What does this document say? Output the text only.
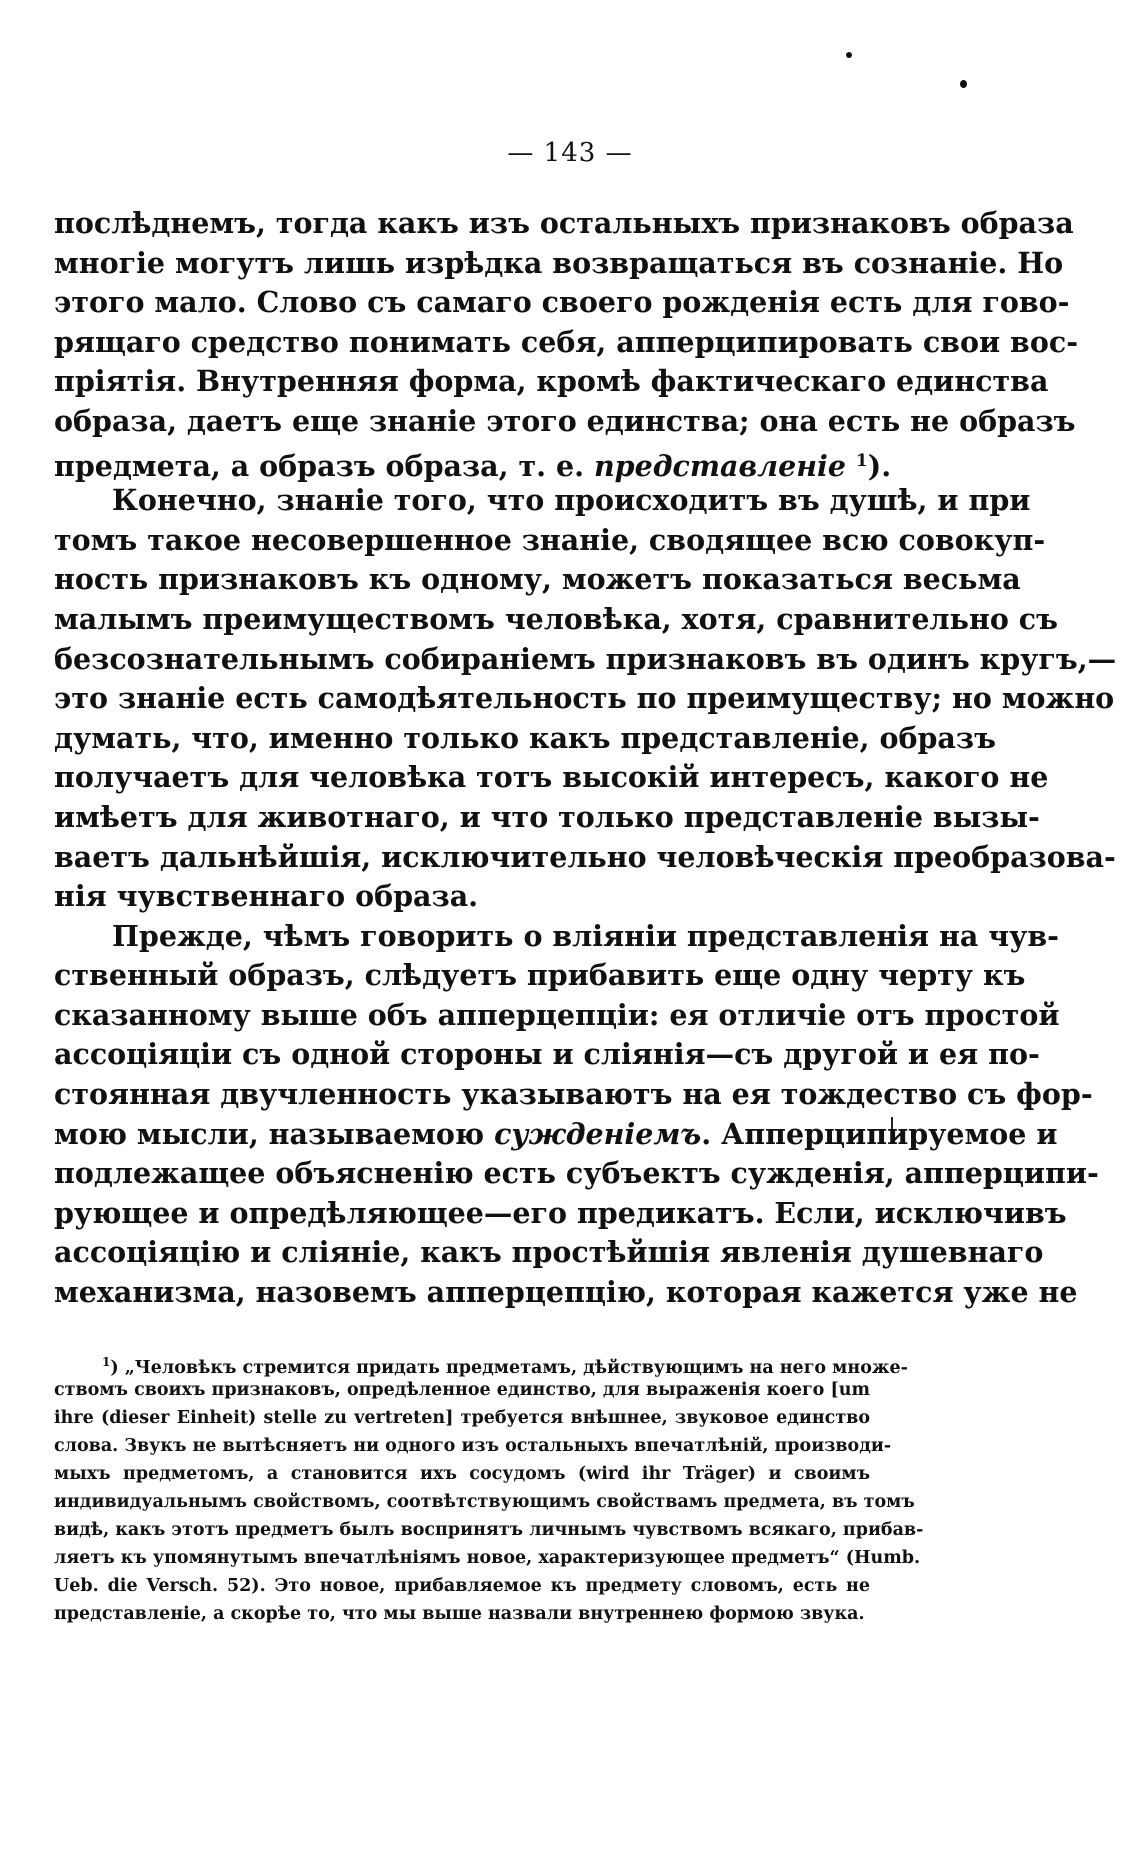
— 143 —
послѣднемъ, тогда какъ изъ остальныхъ признаковъ образа
многіе могутъ лишь изрѣдка возвращаться въ сознаніе. Но
этого мало. Слово съ самаго своего рожденія есть для гово-
рящаго средство понимать себя, апперципировать свои вос-
пріятія. Внутренняя форма, кромѣ фактическаго единства
образа, даетъ еще знаніе этого единства; она есть не образъ
предмета, а образъ образа, т. е. представленіе $^1$).
Конечно, знаніе того, что происходитъ въ душѣ, и при
томъ такое несовершенное знаніе, сводящее всю совокуп-
ность признаковъ къ одному, можетъ показаться весьма
малымъ преимуществомъ человѣка, хотя, сравнительно съ
безсознательнымъ собираніемъ признаковъ въ одинъ кругъ,—
это знаніе есть самодѣятельность по преимуществу; но можно
думать, что, именно только какъ представленіе, образъ
получаетъ для человѣка тотъ высокій интересъ, какого не
имѣетъ для животнаго, и что только представленіе вызы-
ваетъ дальнѣйшія, исключительно человѣческія преобразова-
нія чувственнаго образа.
Прежде, чѣмъ говорить о вліяніи представленія на чув-
ственный образъ, слѣдуетъ прибавить еще одну черту къ
сказанному выше объ апперцепціи: ея отличіе отъ простой
ассоціяціи съ одной стороны и сліянія—съ другой и ея по-
стоянная двучленность указываютъ на ея тождество съ фор-
мою мысли, называемою сужденіемъ. Апперципируемое и
подлежащее объясненію есть субъектъ сужденія, апперципи-
рующее и опредѣляющее—его предикатъ. Если, исключивъ
ассоціяцію и сліяніе, какъ простѣйшія явленія душевнаго
механизма, назовемъ апперцепцію, которая кажется уже не
$^1$) „Человѣкъ стремится придать предметамъ, дѣйствующимъ на него множе-
ствомъ своихъ признаковъ, опредѣленное единство, для выраженія коего [um
ihre (dieser Einheit) stelle zu vertreten] требуется внѣшнее, звуковое единство
слова. Звукъ не вытѣсняетъ ни одного изъ остальныхъ впечатлѣній, производи-
мыхъ предметомъ, а становится ихъ сосудомъ (wird ihr Träger) и своимъ
индивидуальнымъ свойствомъ, соотвѣтствующимъ свойствамъ предмета, въ томъ
видѣ, какъ этотъ предметъ былъ воспринятъ личнымъ чувствомъ всякаго, прибав-
ляетъ къ упомянутымъ впечатлѣніямъ новое, характеризующее предметъ“ (Humb.
Ueb. die Versch. 52). Это новое, прибавляемое къ предмету словомъ, есть не
представленіе, а скорѣе то, что мы выше назвали внутреннею формою звука.
